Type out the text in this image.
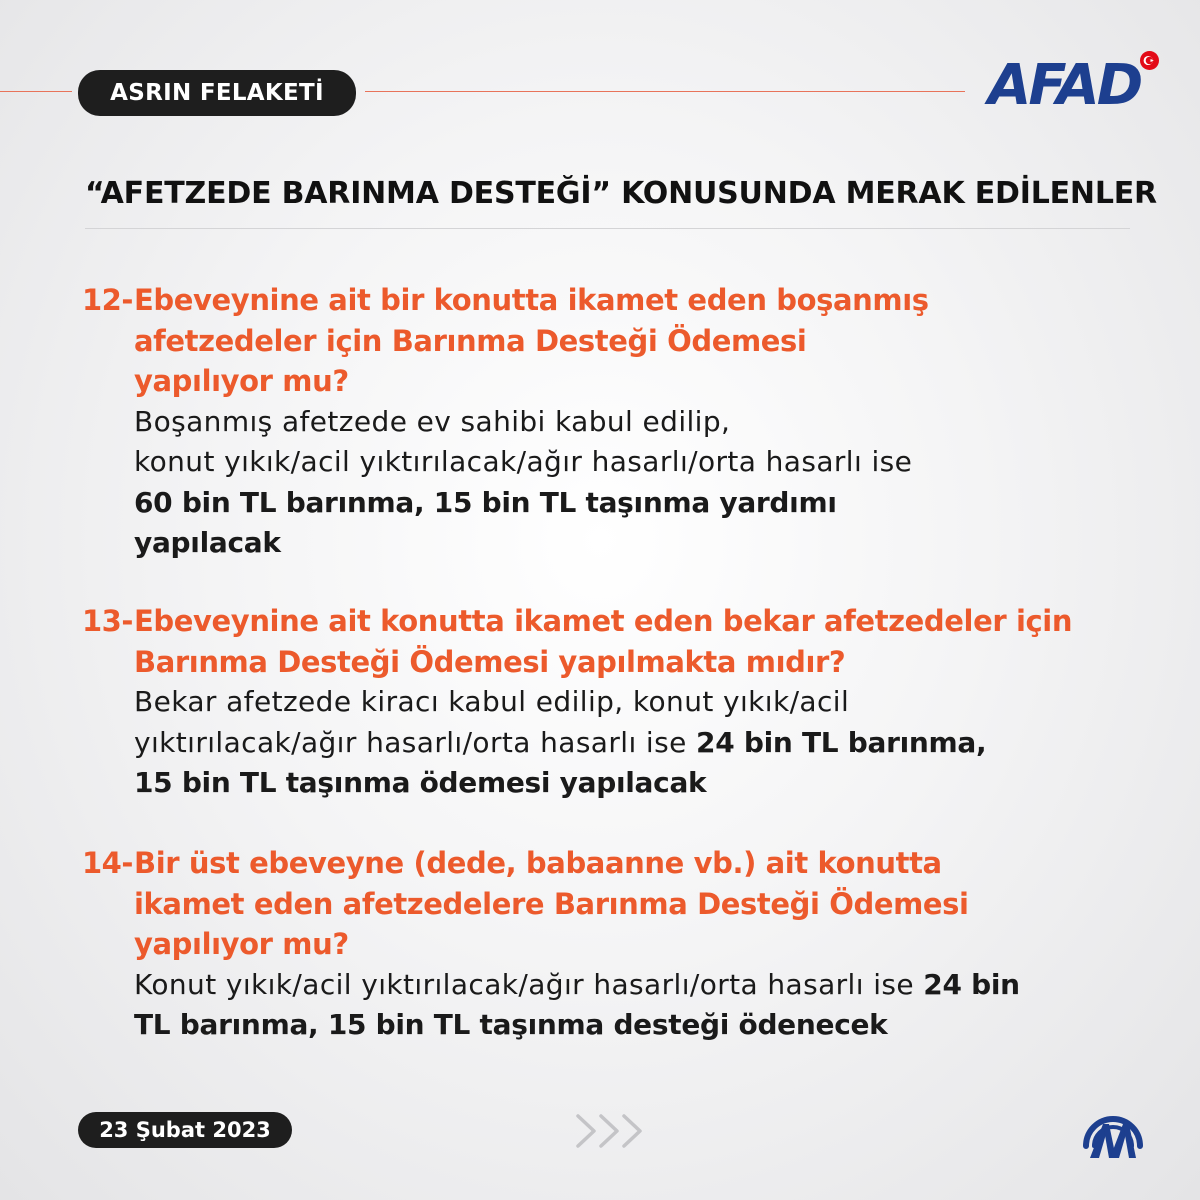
ASRIN FELAKETİ	AFAD
“AFETZEDE BARINMA DESTEĞİ” KONUSUNDA MERAK EDİLENLER
12- Ebeveynine ait bir konutta ikamet eden boşanmış
afetzedeler için Barınma Desteği Ödemesi
yapılıyor mu?
Boşanmış afetzede ev sahibi kabul edilip,
konut yıkık/acil yıktırılacak/ağır hasarlı/orta hasarlı ise
60 bin TL barınma, 15 bin TL taşınma yardımı
yapılacak
13- Ebeveynine ait konutta ikamet eden bekar afetzedeler için
Barınma Desteği Ödemesi yapılmakta mıdır?
Bekar afetzede kiracı kabul edilip, konut yıkık/acil
yıktırılacak/ağır hasarlı/orta hasarlı ise 24 bin TL barınma,
15 bin TL taşınma ödemesi yapılacak
14- Bir üst ebeveyne (dede, babaanne vb.) ait konutta
ikamet eden afetzedelere Barınma Desteği Ödemesi
yapılıyor mu?
Konut yıkık/acil yıktırılacak/ağır hasarlı/orta hasarlı ise 24 bin
TL barınma, 15 bin TL taşınma desteği ödenecek
23 Şubat 2023
